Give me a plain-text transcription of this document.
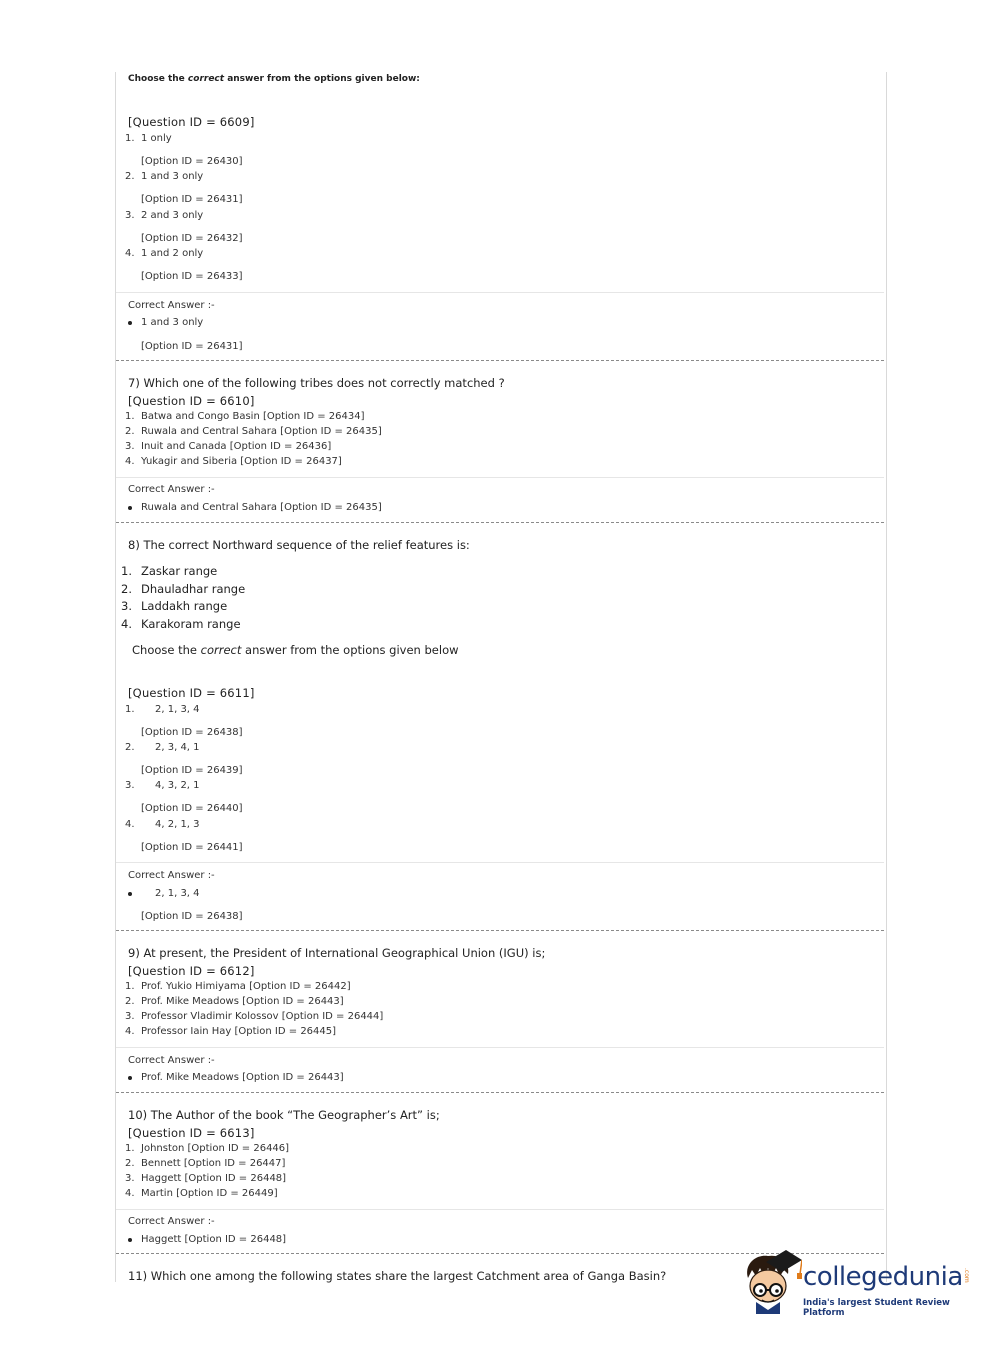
Choose the correct answer from the options given below:
[Question ID = 6609]
1. 1 only
[Option ID = 26430]
2. 1 and 3 only
[Option ID = 26431]
3. 2 and 3 only
[Option ID = 26432]
4. 1 and 2 only
[Option ID = 26433]
Correct Answer :-
1 and 3 only
[Option ID = 26431]
7) Which one of the following tribes does not correctly matched ?
[Question ID = 6610]
1. Batwa and Congo Basin [Option ID = 26434]
2. Ruwala and Central Sahara [Option ID = 26435]
3. Inuit and Canada [Option ID = 26436]
4. Yukagir and Siberia [Option ID = 26437]
Correct Answer :-
Ruwala and Central Sahara [Option ID = 26435]
8) The correct Northward sequence of the relief features is:
1. Zaskar range
2. Dhauladhar range
3. Laddakh range
4. Karakoram range
Choose the correct answer from the options given below
[Question ID = 6611]
1. 2, 1, 3, 4
[Option ID = 26438]
2. 2, 3, 4, 1
[Option ID = 26439]
3. 4, 3, 2, 1
[Option ID = 26440]
4. 4, 2, 1, 3
[Option ID = 26441]
Correct Answer :-
2, 1, 3, 4
[Option ID = 26438]
9) At present, the President of International Geographical Union (IGU) is;
[Question ID = 6612]
1. Prof. Yukio Himiyama [Option ID = 26442]
2. Prof. Mike Meadows [Option ID = 26443]
3. Professor Vladimir Kolossov [Option ID = 26444]
4. Professor Iain Hay [Option ID = 26445]
Correct Answer :-
Prof. Mike Meadows [Option ID = 26443]
10) The Author of the book “The Geographer’s Art” is;
[Question ID = 6613]
1. Johnston [Option ID = 26446]
2. Bennett [Option ID = 26447]
3. Haggett [Option ID = 26448]
4. Martin [Option ID = 26449]
Correct Answer :-
Haggett [Option ID = 26448]
11) Which one among the following states share the largest Catchment area of Ganga Basin?	collegedunia .com
India's largest Student Review Platform
